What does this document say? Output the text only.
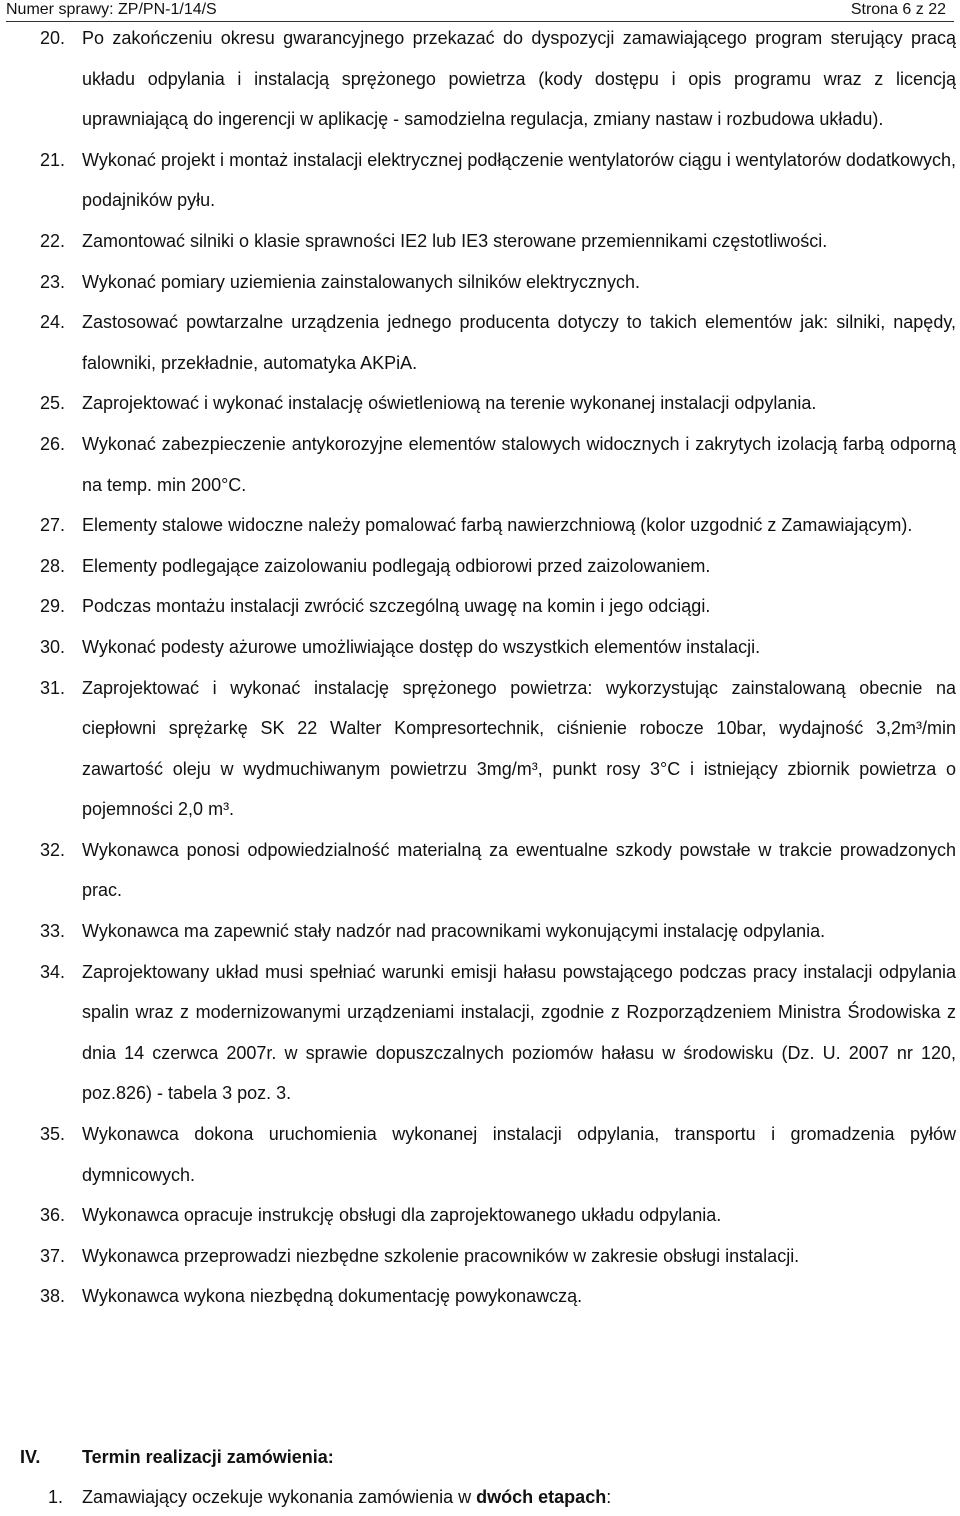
Numer sprawy: ZP/PN-1/14/S	Strona 6 z 22
20. Po zakończeniu okresu gwarancyjnego przekazać do dyspozycji zamawiającego program sterujący pracą układu odpylania i instalacją sprężonego powietrza (kody dostępu i opis programu wraz z licencją uprawniającą do ingerencji w aplikację - samodzielna regulacja, zmiany nastaw i rozbudowa układu).
21. Wykonać projekt i montaż instalacji elektrycznej podłączenie wentylatorów ciągu i wentylatorów dodatkowych, podajników pyłu.
22. Zamontować silniki o klasie sprawności IE2 lub IE3 sterowane przemiennikami częstotliwości.
23. Wykonać pomiary uziemienia zainstalowanych silników elektrycznych.
24. Zastosować powtarzalne urządzenia jednego producenta dotyczy to takich elementów jak: silniki, napędy, falowniki, przekładnie, automatyka AKPiA.
25. Zaprojektować i wykonać instalację oświetleniową na terenie wykonanej instalacji odpylania.
26. Wykonać zabezpieczenie antykorozyjne elementów stalowych widocznych i zakrytych izolacją farbą odporną na temp. min 200°C.
27. Elementy stalowe widoczne należy pomalować farbą nawierzchniową (kolor uzgodnić z Zamawiającym).
28. Elementy podlegające zaizolowaniu podlegają odbiorowi przed zaizolowaniem.
29. Podczas montażu instalacji zwrócić szczególną uwagę na komin i jego odciągi.
30. Wykonać podesty ażurowe umożliwiające dostęp do wszystkich elementów instalacji.
31. Zaprojektować i wykonać instalację sprężonego powietrza: wykorzystując zainstalowaną obecnie na ciepłowni sprężarkę SK 22 Walter Kompresortechnik, ciśnienie robocze 10bar, wydajność 3,2m³/min zawartość oleju w wydmuchiwanym powietrzu 3mg/m³, punkt rosy 3°C i istniejący zbiornik powietrza o pojemności 2,0 m³.
32. Wykonawca ponosi odpowiedzialność materialną za ewentualne szkody powstałe w trakcie prowadzonych prac.
33. Wykonawca ma zapewnić stały nadzór nad pracownikami wykonującymi instalację odpylania.
34. Zaprojektowany układ musi spełniać warunki emisji hałasu powstającego podczas pracy instalacji odpylania spalin wraz z modernizowanymi urządzeniami instalacji, zgodnie z Rozporządzeniem Ministra Środowiska z dnia 14 czerwca 2007r. w sprawie dopuszczalnych poziomów hałasu w środowisku (Dz. U. 2007 nr 120, poz.826) - tabela 3 poz. 3.
35. Wykonawca dokona uruchomienia wykonanej instalacji odpylania, transportu i gromadzenia pyłów dymnicowych.
36. Wykonawca opracuje instrukcję obsługi dla zaprojektowanego układu odpylania.
37. Wykonawca przeprowadzi niezbędne szkolenie pracowników w zakresie obsługi instalacji.
38. Wykonawca wykona niezbędną dokumentację powykonawczą.
IV. Termin realizacji zamówienia:
1. Zamawiający oczekuje wykonania zamówienia w dwóch etapach:
